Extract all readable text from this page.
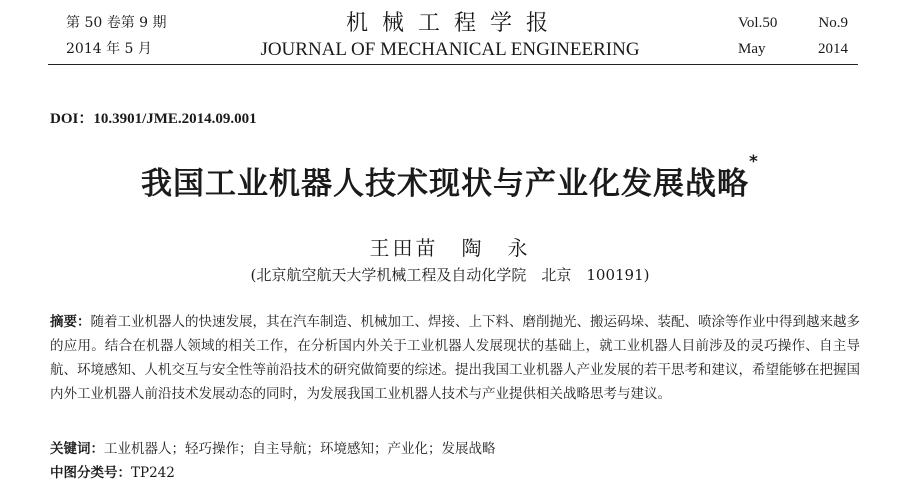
第 50 卷第 9 期
2014 年 5 月
机械工程学报
JOURNAL OF MECHANICAL ENGINEERING
Vol.50	No.9
May	2014
DOI：10.3901/JME.2014.09.001
我国工业机器人技术现状与产业化发展战略*
王田苗　陶　永
(北京航空航天大学机械工程及自动化学院　北京　100191)
摘要：随着工业机器人的快速发展，其在汽车制造、机械加工、焊接、上下料、磨削抛光、搬运码垛、装配、喷涂等作业中得到越来越多的应用。结合在机器人领域的相关工作，在分析国内外关于工业机器人发展现状的基础上，就工业机器人目前涉及的灵巧操作、自主导航、环境感知、人机交互与安全性等前沿技术的研究做简要的综述。提出我国工业机器人产业发展的若干思考和建议，希望能够在把握国内外工业机器人前沿技术发展动态的同时，为发展我国工业机器人技术与产业提供相关战略思考与建议。
关键词：工业机器人；轻巧操作；自主导航；环境感知；产业化；发展战略
中图分类号：TP242
